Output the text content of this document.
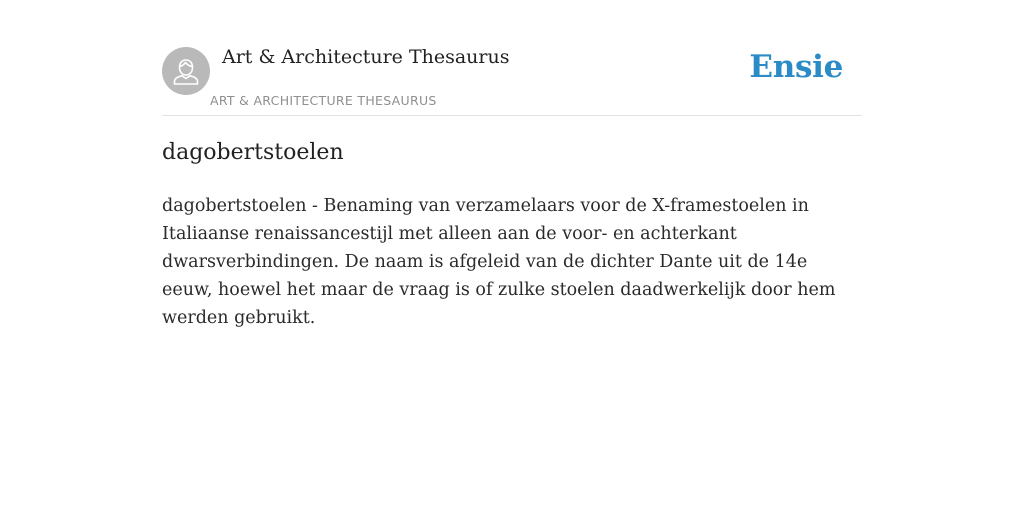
Art & Architecture Thesaurus
ART & ARCHITECTURE THESAURUS
Ensie
dagobertstoelen

dagobertstoelen - Benaming van verzamelaars voor de X-framestoelen in Italiaanse renaissancestijl met alleen aan de voor- en achterkant dwarsverbindingen. De naam is afgeleid van de dichter Dante uit de 14e eeuw, hoewel het maar de vraag is of zulke stoelen daadwerkelijk door hem werden gebruikt.
